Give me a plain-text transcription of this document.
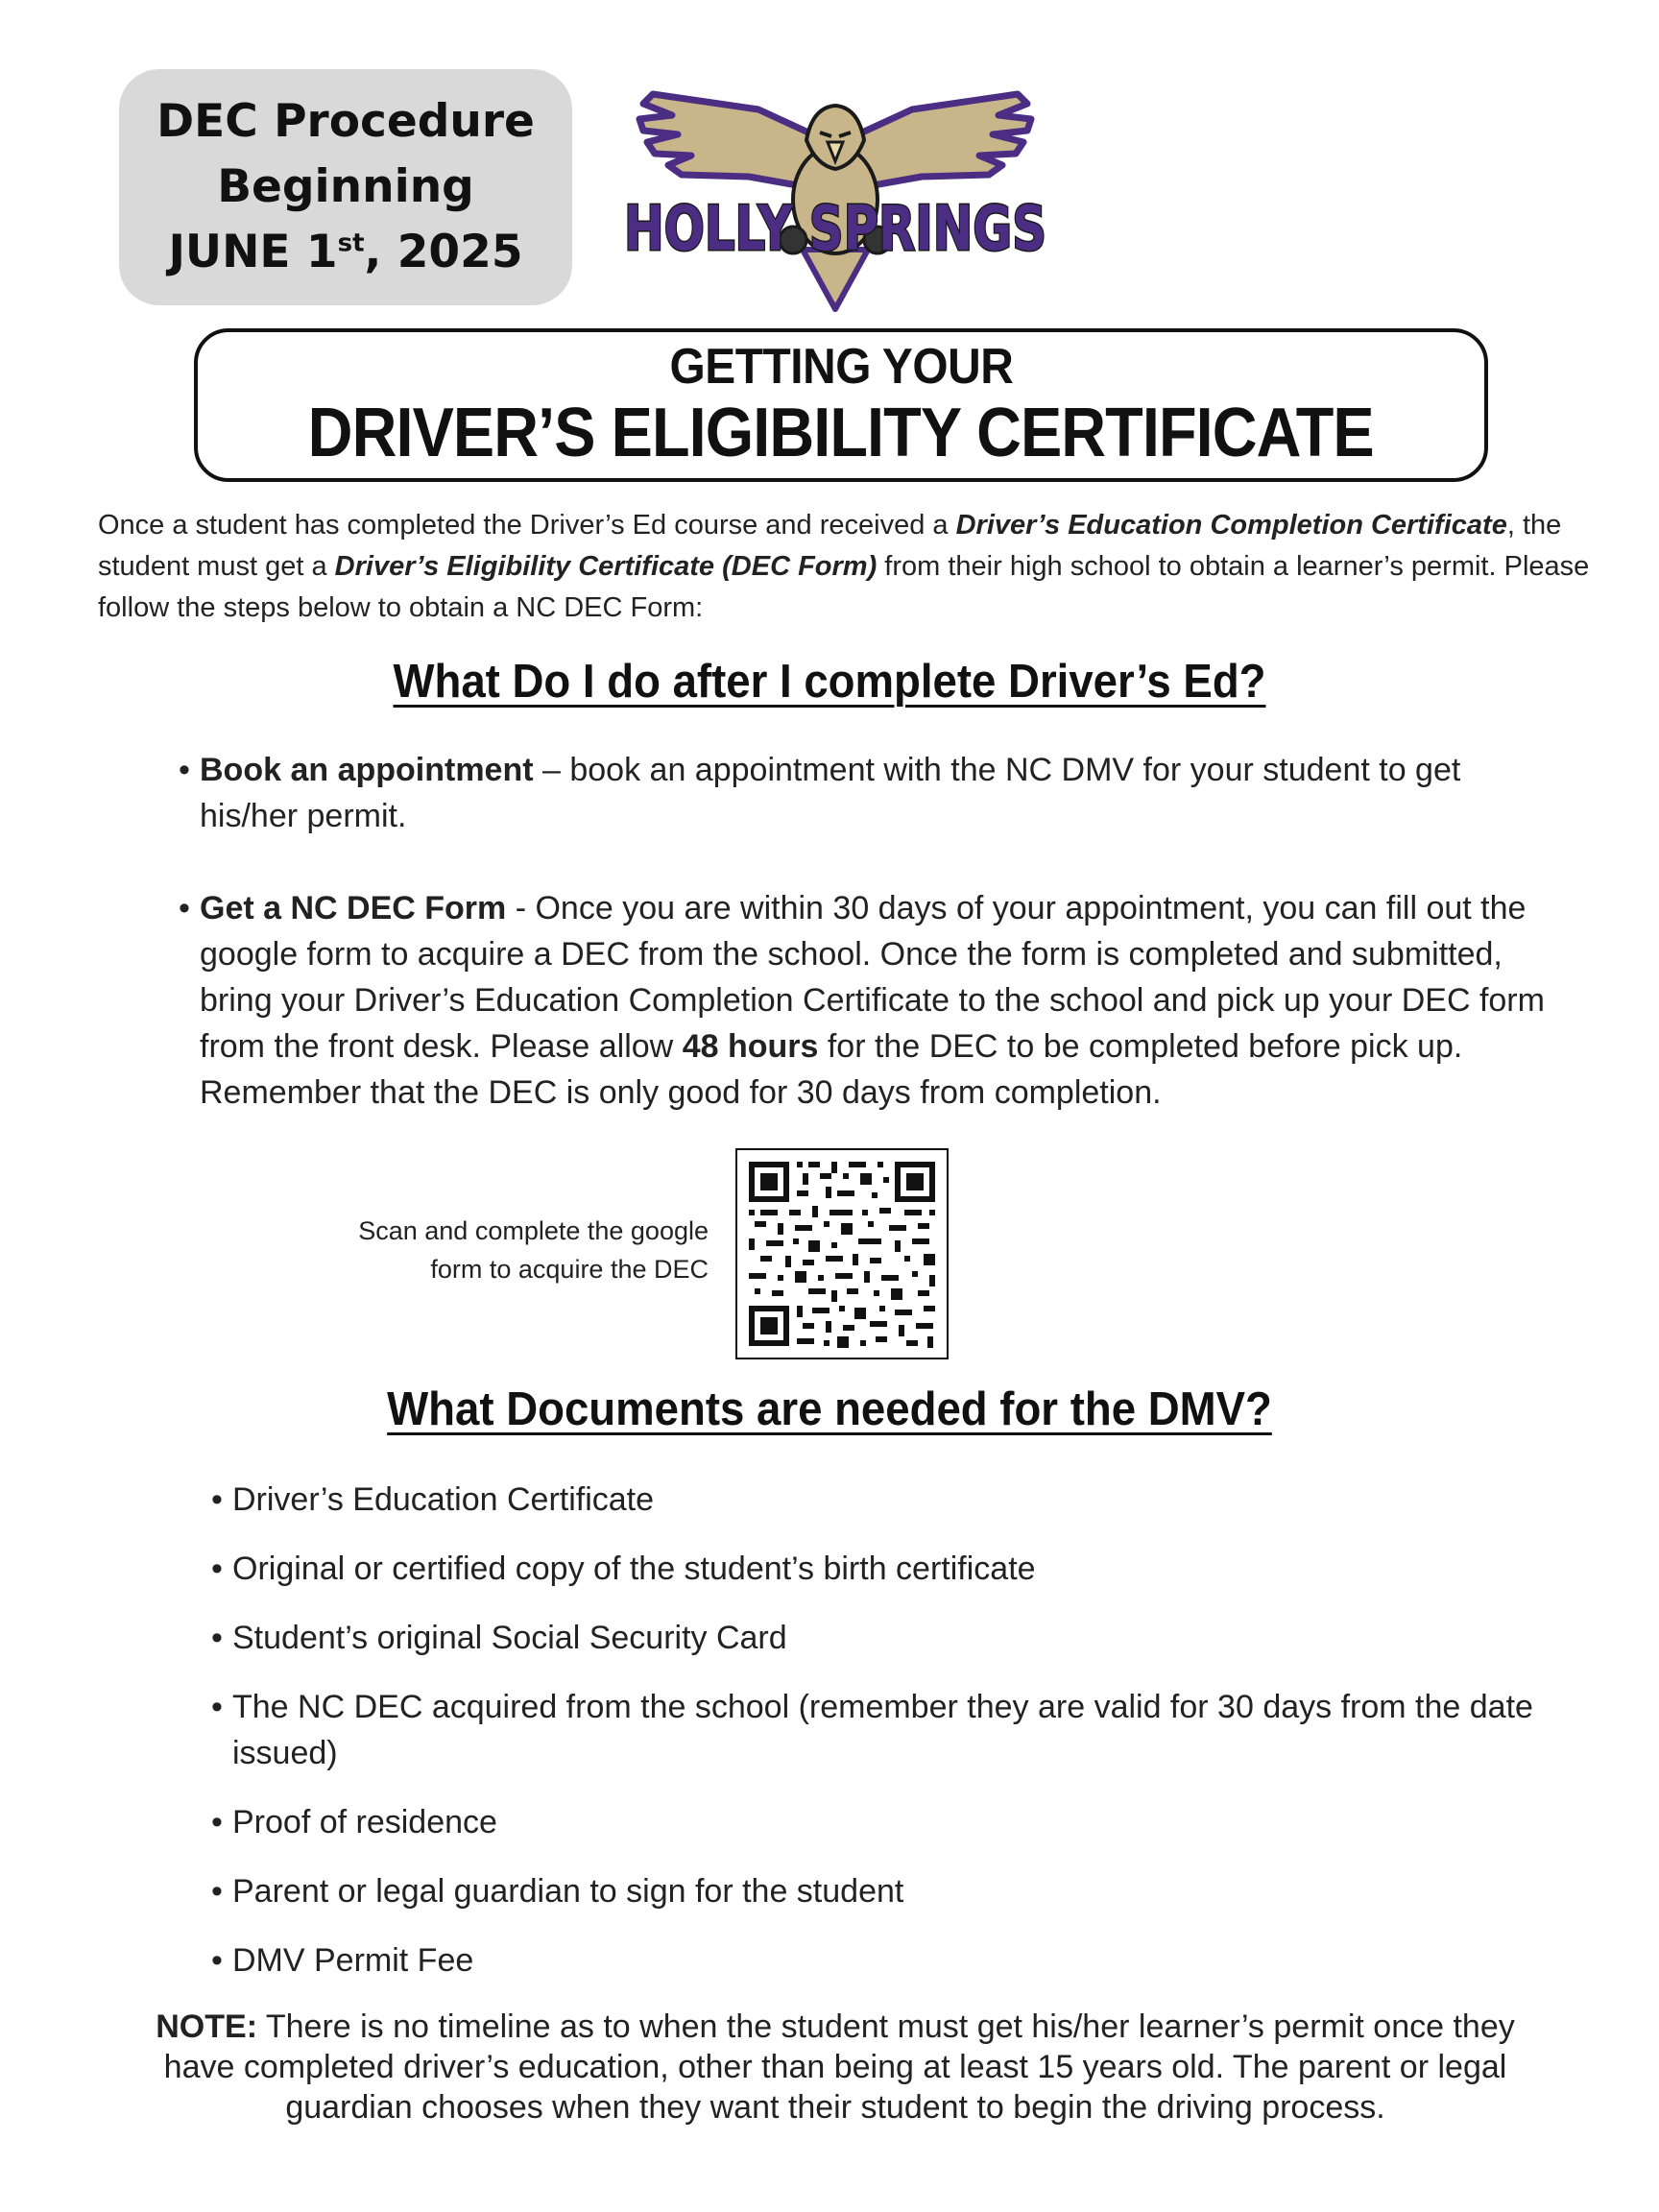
DEC Procedure
Beginning
JUNE 1st, 2025 HOLLY SPRINGS
GETTING YOUR
DRIVER’S ELIGIBILITY CERTIFICATE
Once a student has completed the Driver’s Ed course and received a Driver’s Education Completion Certificate, the student must get a Driver’s Eligibility Certificate (DEC Form) from their high school to obtain a learner’s permit. Please follow the steps below to obtain a NC DEC Form:
What Do I do after I complete Driver’s Ed?
• Book an appointment – book an appointment with the NC DMV for your student to get his/her permit.
• Get a NC DEC Form - Once you are within 30 days of your appointment, you can fill out the google form to acquire a DEC from the school. Once the form is completed and submitted, bring your Driver’s Education Completion Certificate to the school and pick up your DEC form from the front desk. Please allow 48 hours for the DEC to be completed before pick up. Remember that the DEC is only good for 30 days from completion.
Scan and complete the google
form to acquire the DEC
What Documents are needed for the DMV?
• Driver’s Education Certificate
• Original or certified copy of the student’s birth certificate
• Student’s original Social Security Card
• The NC DEC acquired from the school (remember they are valid for 30 days from the date issued)
• Proof of residence
• Parent or legal guardian to sign for the student
• DMV Permit Fee
NOTE: There is no timeline as to when the student must get his/her learner’s permit once they have completed driver’s education, other than being at least 15 years old. The parent or legal guardian chooses when they want their student to begin the driving process.
